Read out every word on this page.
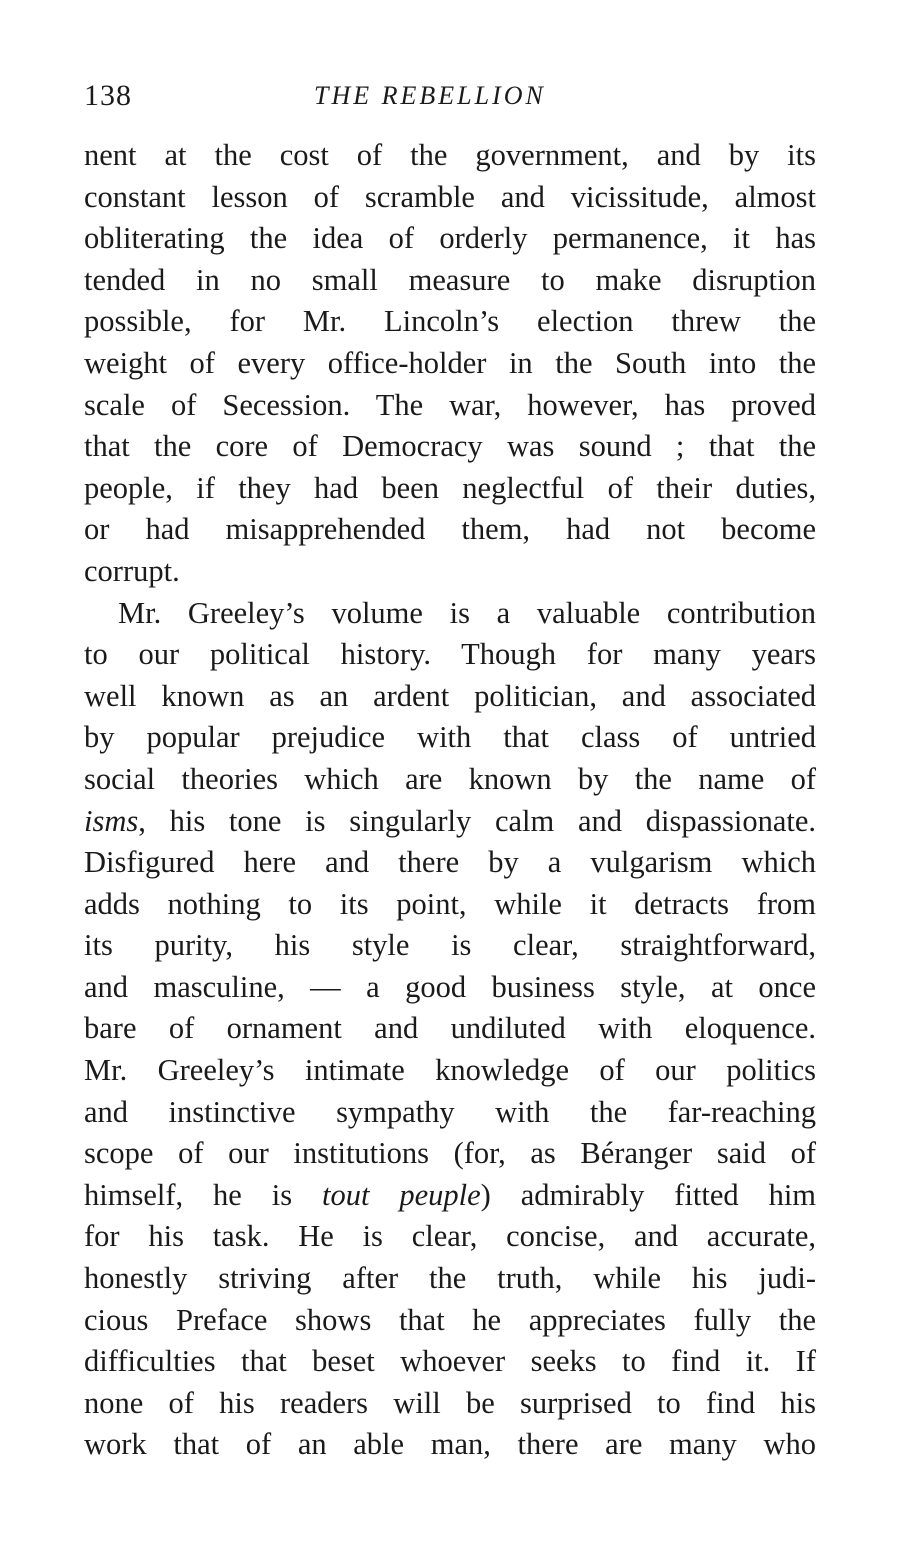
138	THE REBELLION
nent at the cost of the government, and by its
constant lesson of scramble and vicissitude, almost
obliterating the idea of orderly permanence, it has
tended in no small measure to make disruption
possible, for Mr. Lincoln’s election threw the
weight of every office-holder in the South into the
scale of Secession. The war, however, has proved
that the core of Democracy was sound ; that the
people, if they had been neglectful of their duties,
or had misapprehended them, had not become
corrupt.
Mr. Greeley’s volume is a valuable contribution
to our political history. Though for many years
well known as an ardent politician, and associated
by popular prejudice with that class of untried
social theories which are known by the name of
isms, his tone is singularly calm and dispassionate.
Disfigured here and there by a vulgarism which
adds nothing to its point, while it detracts from
its purity, his style is clear, straightforward,
and masculine, — a good business style, at once
bare of ornament and undiluted with eloquence.
Mr. Greeley’s intimate knowledge of our politics
and instinctive sympathy with the far-reaching
scope of our institutions (for, as Béranger said of
himself, he is tout peuple) admirably fitted him
for his task. He is clear, concise, and accurate,
honestly striving after the truth, while his judi-
cious Preface shows that he appreciates fully the
difficulties that beset whoever seeks to find it. If
none of his readers will be surprised to find his
work that of an able man, there are many who
